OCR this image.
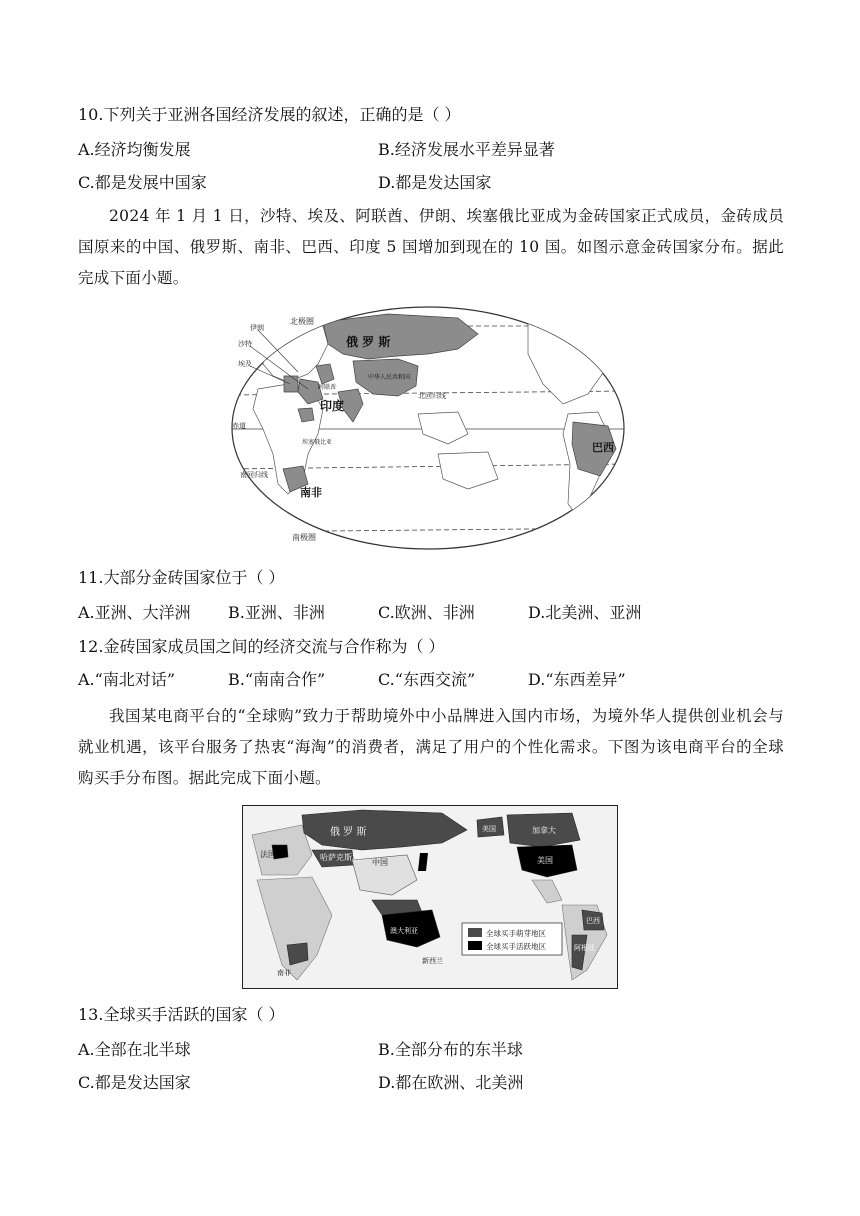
10.下列关于亚洲各国经济发展的叙述，正确的是（ ）
A.经济均衡发展	B.经济发展水平差异显著
C.都是发展中国家	D.都是发达国家
2024 年 1 月 1 日，沙特、埃及、阿联酋、伊朗、埃塞俄比亚成为金砖国家正式成员，金砖成员国原来的中国、俄罗斯、南非、巴西、印度 5 国增加到现在的 10 国。如图示意金砖国家分布。据此完成下面小题。
北极圈
伊朗
沙特
埃及
俄 罗 斯
中华人民共和国
阿联酋
印度
北回归线
赤道
埃塞俄比亚
南回归线
南非
巴西
南极圈
11.大部分金砖国家位于（ ）
A.亚洲、大洋洲 B.亚洲、非洲	C.欧洲、非洲	D.北美洲、亚洲
12.金砖国家成员国之间的经济交流与合作称为（ ）
A.“南北对话”	B.“南南合作”	C.“东西交流”	D.“东西差异”
我国某电商平台的“全球购”致力于帮助境外中小品牌进入国内市场，为境外华人提供创业机会与就业机遇，该平台服务了热衷“海淘”的消费者，满足了用户的个性化需求。下图为该电商平台的全球购买手分布图。据此完成下面小题。
俄 罗 斯
哈萨克斯坦
法国
中国
美国	加拿大
美国
南非
澳大利亚
新西兰
巴西
阿根廷
全球买手萌芽地区
全球买手活跃地区
13.全球买手活跃的国家（ ）
A.全部在北半球	B.全部分布的东半球
C.都是发达国家	D.都在欧洲、北美洲
